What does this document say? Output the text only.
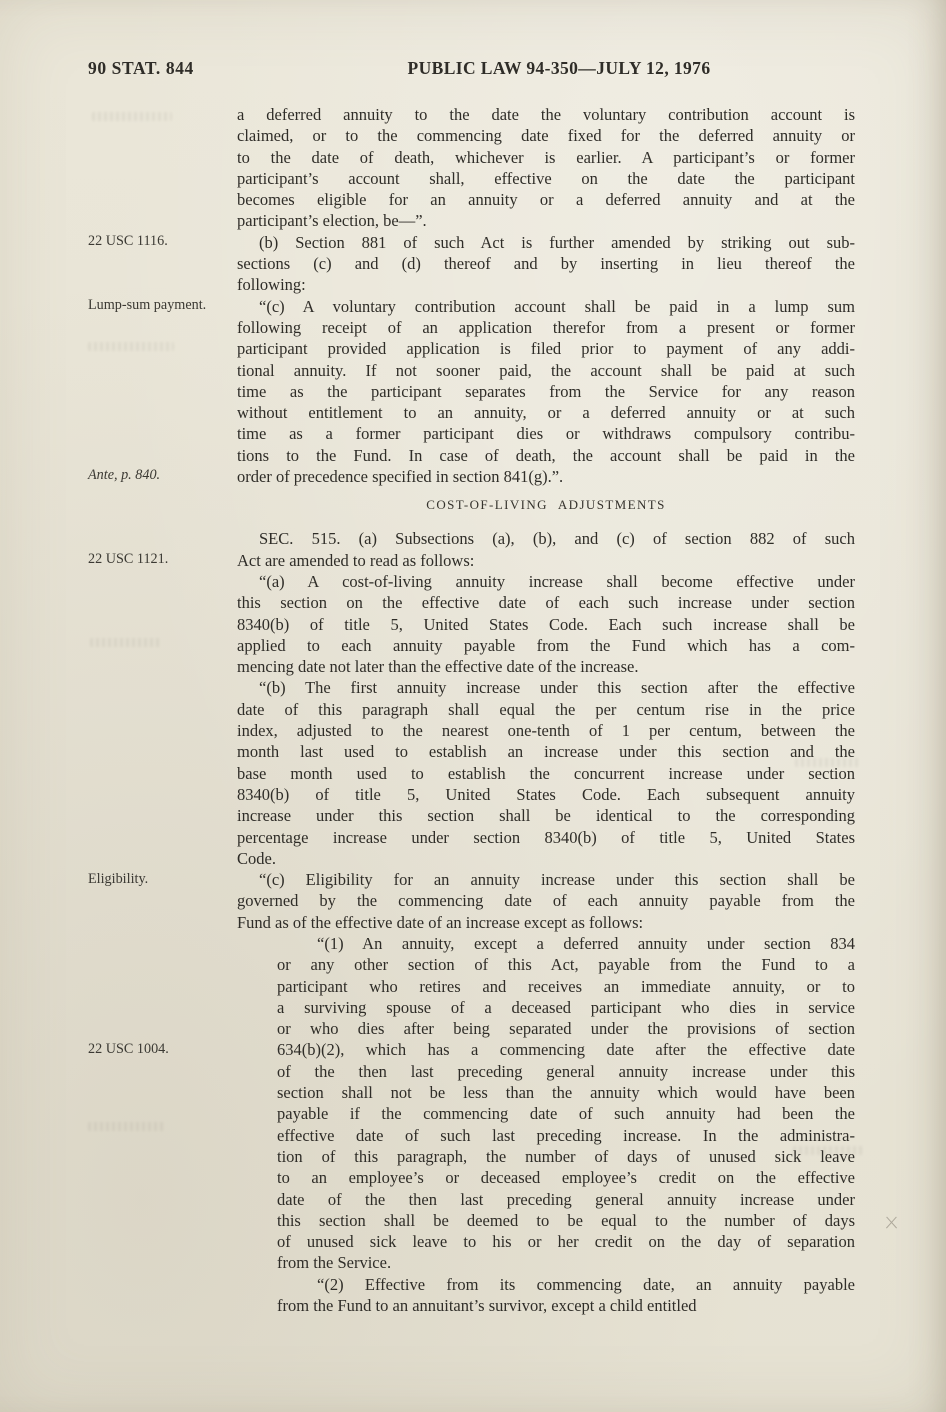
90 STAT. 844	PUBLIC LAW 94-350—JULY 12, 1976
22 USC 1116.
Lump-sum payment.
Ante, p. 840.
22 USC 1121.
Eligibility.
22 USC 1004.
a deferred annuity to the date the voluntary contribution account is
claimed, or to the commencing date fixed for the deferred annuity or
to the date of death, whichever is earlier. A participant’s or former
participant’s account shall, effective on the date the participant
becomes eligible for an annuity or a deferred annuity and at the
participant’s election, be—”.
(b) Section 881 of such Act is further amended by striking out sub-
sections (c) and (d) thereof and by inserting in lieu thereof the
following:
“(c) A voluntary contribution account shall be paid in a lump sum
following receipt of an application therefor from a present or former
participant provided application is filed prior to payment of any addi-
tional annuity. If not sooner paid, the account shall be paid at such
time as the participant separates from the Service for any reason
without entitlement to an annuity, or a deferred annuity or at such
time as a former participant dies or withdraws compulsory contribu-
tions to the Fund. In case of death, the account shall be paid in the
order of precedence specified in section 841(g).”.
COST-OF-LIVING ADJUSTMENTS
SEC. 515. (a) Subsections (a), (b), and (c) of section 882 of such
Act are amended to read as follows:
“(a) A cost-of-living annuity increase shall become effective under
this section on the effective date of each such increase under section
8340(b) of title 5, United States Code. Each such increase shall be
applied to each annuity payable from the Fund which has a com-
mencing date not later than the effective date of the increase.
“(b) The first annuity increase under this section after the effective
date of this paragraph shall equal the per centum rise in the price
index, adjusted to the nearest one-tenth of 1 per centum, between the
month last used to establish an increase under this section and the
base month used to establish the concurrent increase under section
8340(b) of title 5, United States Code. Each subsequent annuity
increase under this section shall be identical to the corresponding
percentage increase under section 8340(b) of title 5, United States
Code.
“(c) Eligibility for an annuity increase under this section shall be
governed by the commencing date of each annuity payable from the
Fund as of the effective date of an increase except as follows:
“(1) An annuity, except a deferred annuity under section 834
or any other section of this Act, payable from the Fund to a
participant who retires and receives an immediate annuity, or to
a surviving spouse of a deceased participant who dies in service
or who dies after being separated under the provisions of section
634(b)(2), which has a commencing date after the effective date
of the then last preceding general annuity increase under this
section shall not be less than the annuity which would have been
payable if the commencing date of such annuity had been the
effective date of such last preceding increase. In the administra-
tion of this paragraph, the number of days of unused sick leave
to an employee’s or deceased employee’s credit on the effective
date of the then last preceding general annuity increase under
this section shall be deemed to be equal to the number of days
of unused sick leave to his or her credit on the day of separation
from the Service.
“(2) Effective from its commencing date, an annuity payable
from the Fund to an annuitant’s survivor, except a child entitled
